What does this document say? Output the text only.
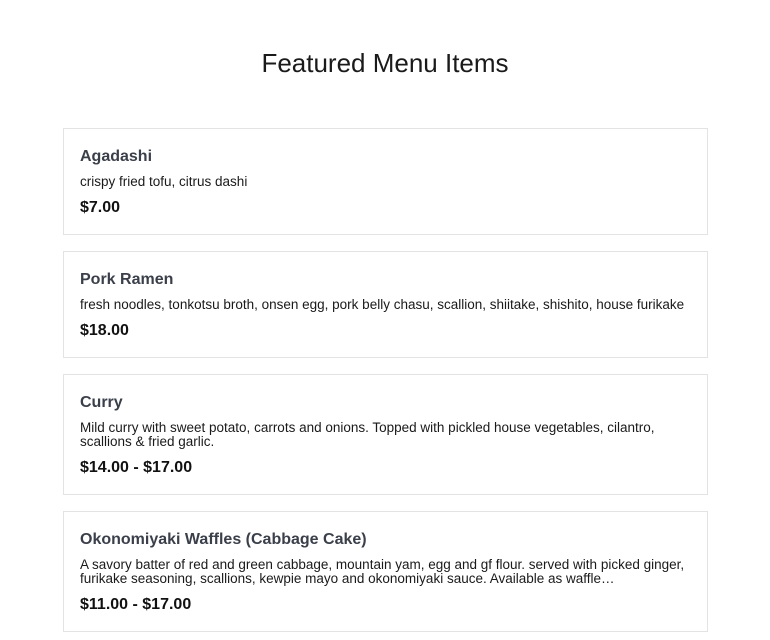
Featured Menu Items
Agadashi
crispy fried tofu, citrus dashi
$7.00
Pork Ramen
fresh noodles, tonkotsu broth, onsen egg, pork belly chasu, scallion, shiitake, shishito, house furikake
$18.00
Curry
Mild curry with sweet potato, carrots and onions. Topped with pickled house vegetables, cilantro, scallions & fried garlic.
$14.00 - $17.00
Okonomiyaki Waffles (Cabbage Cake)
A savory batter of red and green cabbage, mountain yam, egg and gf flour. served with picked ginger, furikake seasoning, scallions, kewpie mayo and okonomiyaki sauce. Available as waffle…
$11.00 - $17.00
